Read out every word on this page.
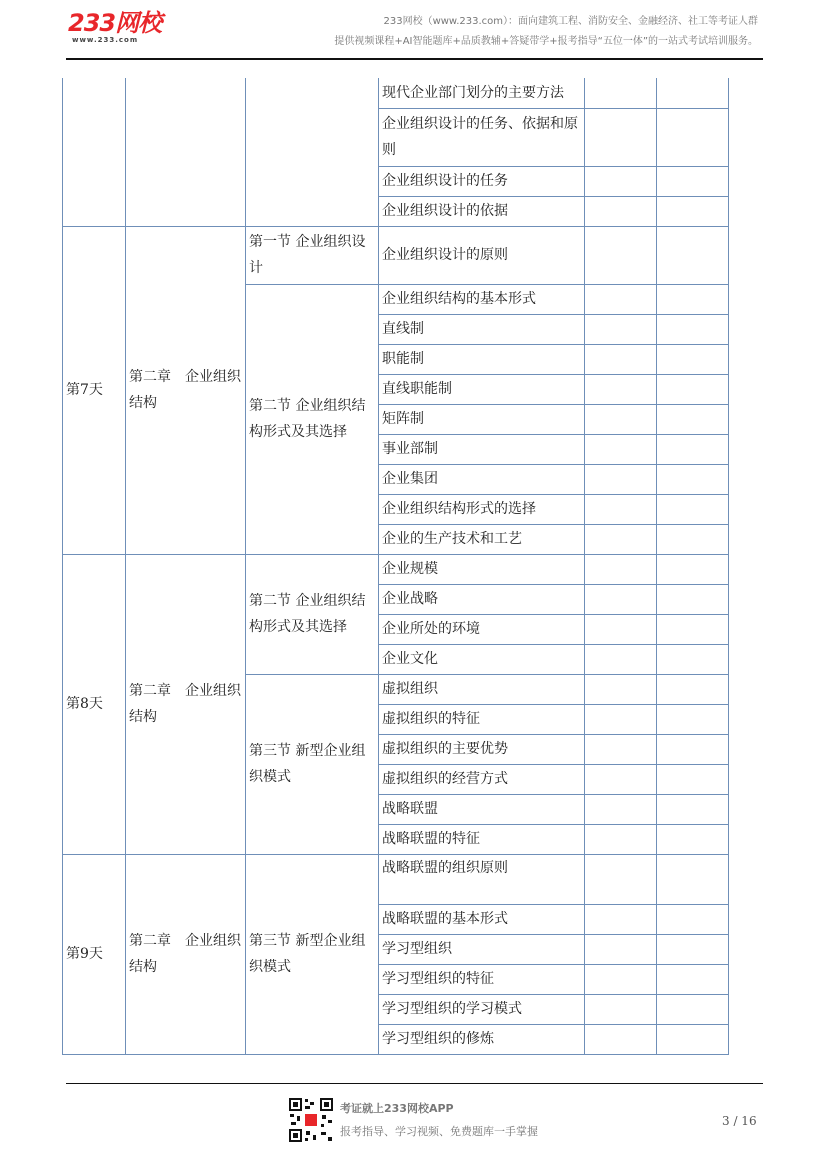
233网校
www.233.com
233网校（www.233.com）：面向建筑工程、消防安全、金融经济、社工等考证人群
提供视频课程+AI智能题库+品质教辅+答疑带学+报考指导“五位一体”的一站式考试培训服务。
			现代企业部门划分的主要方法		
			企业组织设计的任务、依据和原则		
			企业组织设计的任务		
			企业组织设计的依据		
第7天	第二章　企业组织结构	第一节 企业组织设计	企业组织设计的原则		
		第二节 企业组织结构形式及其选择	企业组织结构的基本形式		
			直线制		
			职能制		
			直线职能制		
			矩阵制		
			事业部制		
			企业集团		
			企业组织结构形式的选择		
			企业的生产技术和工艺		
第8天	第二章　企业组织结构	第二节 企业组织结构形式及其选择	企业规模		
			企业战略		
			企业所处的环境		
			企业文化		
		第三节 新型企业组织模式	虚拟组织		
			虚拟组织的特征		
			虚拟组织的主要优势		
			虚拟组织的经营方式		
			战略联盟		
			战略联盟的特征		
第9天	第二章　企业组织结构	第三节 新型企业组织模式	战略联盟的组织原则		
			战略联盟的基本形式		
			学习型组织		
			学习型组织的特征		
			学习型组织的学习模式		
			学习型组织的修炼		
考证就上233网校APP
报考指导、学习视频、免费题库一手掌握
3 / 16
